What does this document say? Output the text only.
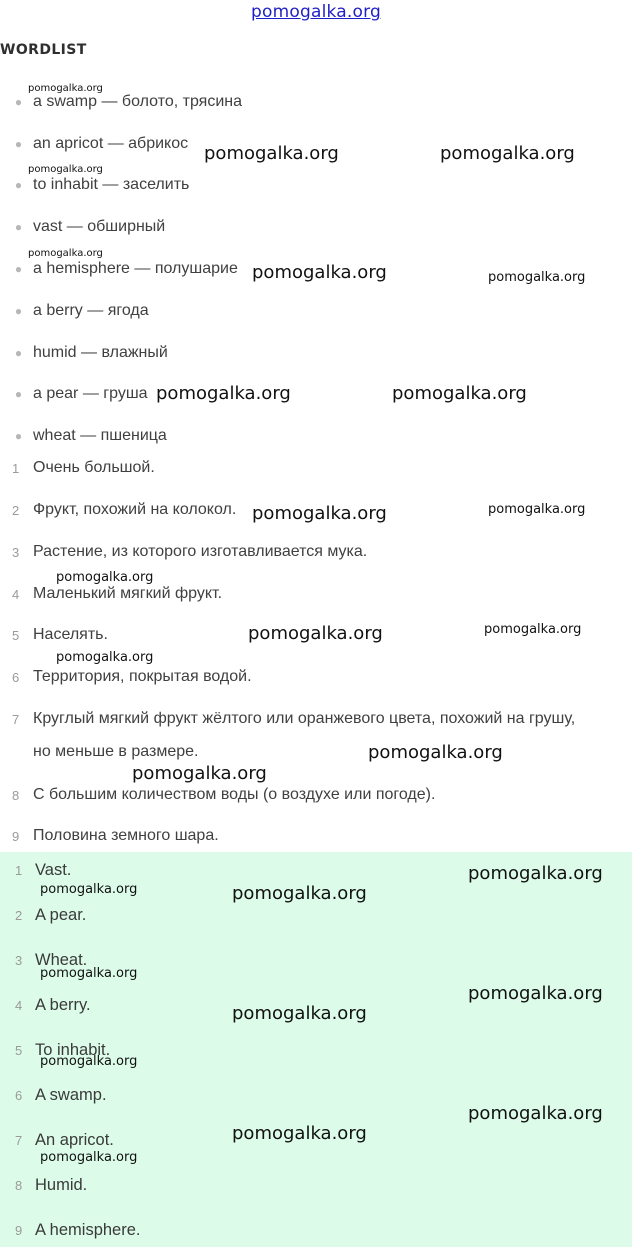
pomogalka.org
WORDLIST
● a swamp — болото, трясина
● an apricot — абрикос
● to inhabit — заселить
● vast — обширный
● a hemisphere — полушарие
● a berry — ягода
● humid — влажный
● a pear — груша
● wheat — пшеница
1 Очень большой.
2 Фрукт, похожий на колокол.
3 Растение, из которого изготавливается мука.
4 Маленький мягкий фрукт.
5 Населять.
6 Территория, покрытая водой.
7 Круглый мягкий фрукт жёлтого или оранжевого цвета, похожий на грушу,
но меньше в размере.
8 С большим количеством воды (о воздухе или погоде).
9 Половина земного шара.
1 Vast.
2 A pear.
3 Wheat.
4 A berry.
5 To inhabit.
6 A swamp.
7 An apricot.
8 Humid.
9 A hemisphere.
pomogalka.org
pomogalka.org	pomogalka.org
pomogalka.org
pomogalka.org
pomogalka.org	pomogalka.org
pomogalka.org	pomogalka.org
pomogalka.org	pomogalka.org
pomogalka.org
pomogalka.org	pomogalka.org
pomogalka.org
pomogalka.org
pomogalka.org
pomogalka.org
pomogalka.org	pomogalka.org
pomogalka.org
pomogalka.org
pomogalka.org
pomogalka.org
pomogalka.org
pomogalka.org
pomogalka.org
